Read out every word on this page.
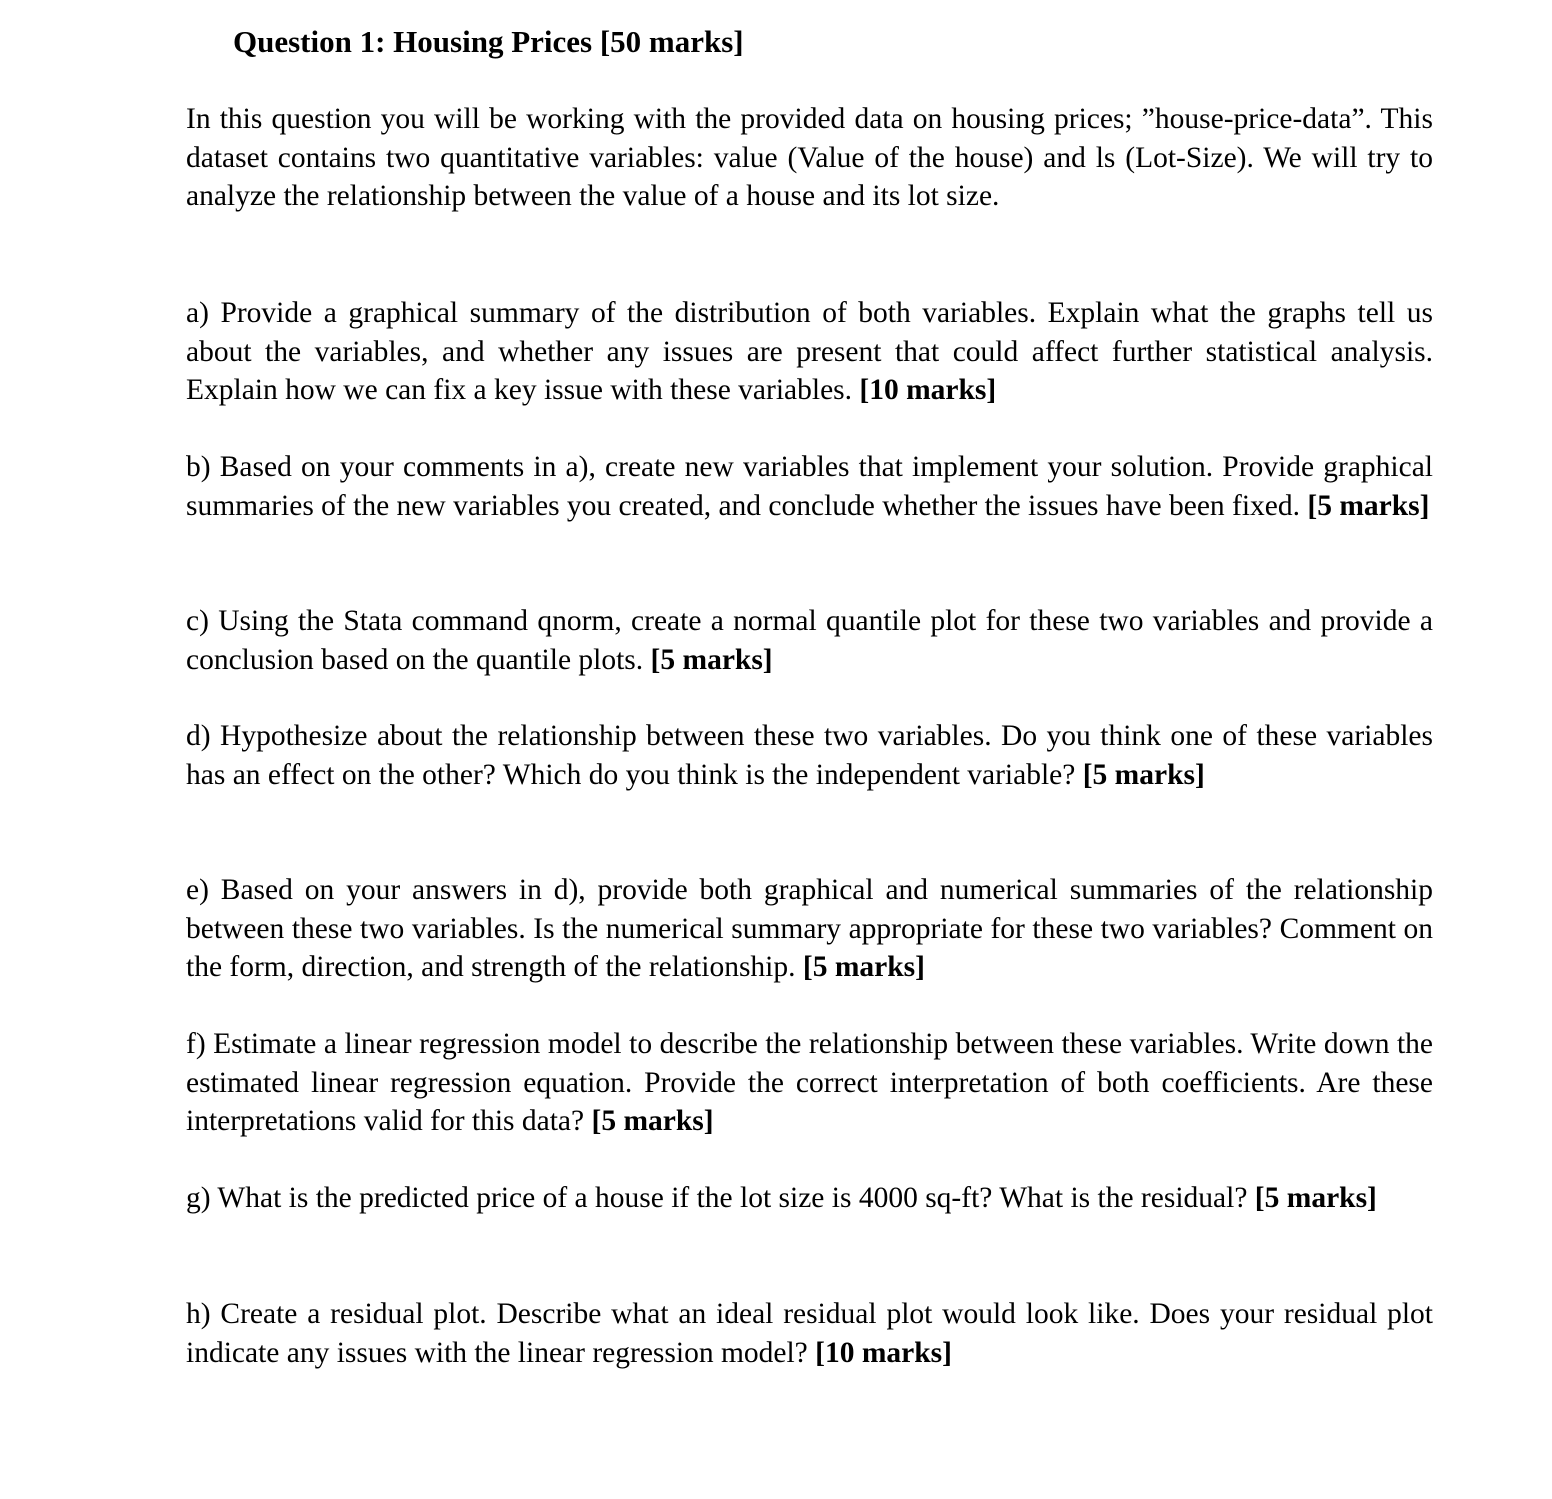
Question 1: Housing Prices [50 marks]

In this question you will be working with the provided data on housing prices; ”house-price-data”. This dataset contains two quantitative variables: value (Value of the house) and ls (Lot-Size). We will try to analyze the relationship between the value of a house and its lot size.

a) Provide a graphical summary of the distribution of both variables. Explain what the graphs tell us about the variables, and whether any issues are present that could affect further statistical analysis. Explain how we can fix a key issue with these variables. [10 marks]

b) Based on your comments in a), create new variables that implement your solution. Provide graphical summaries of the new variables you created, and conclude whether the issues have been fixed. [5 marks]

c) Using the Stata command qnorm, create a normal quantile plot for these two variables and provide a conclusion based on the quantile plots. [5 marks]

d) Hypothesize about the relationship between these two variables. Do you think one of these variables has an effect on the other? Which do you think is the independent variable? [5 marks]

e) Based on your answers in d), provide both graphical and numerical summaries of the relationship between these two variables. Is the numerical summary appropriate for these two variables? Comment on the form, direction, and strength of the relationship. [5 marks]

f) Estimate a linear regression model to describe the relationship between these variables. Write down the estimated linear regression equation. Provide the correct interpretation of both coefficients. Are these interpretations valid for this data? [5 marks]

g) What is the predicted price of a house if the lot size is 4000 sq-ft? What is the residual? [5 marks]

h) Create a residual plot. Describe what an ideal residual plot would look like. Does your residual plot indicate any issues with the linear regression model? [10 marks]
